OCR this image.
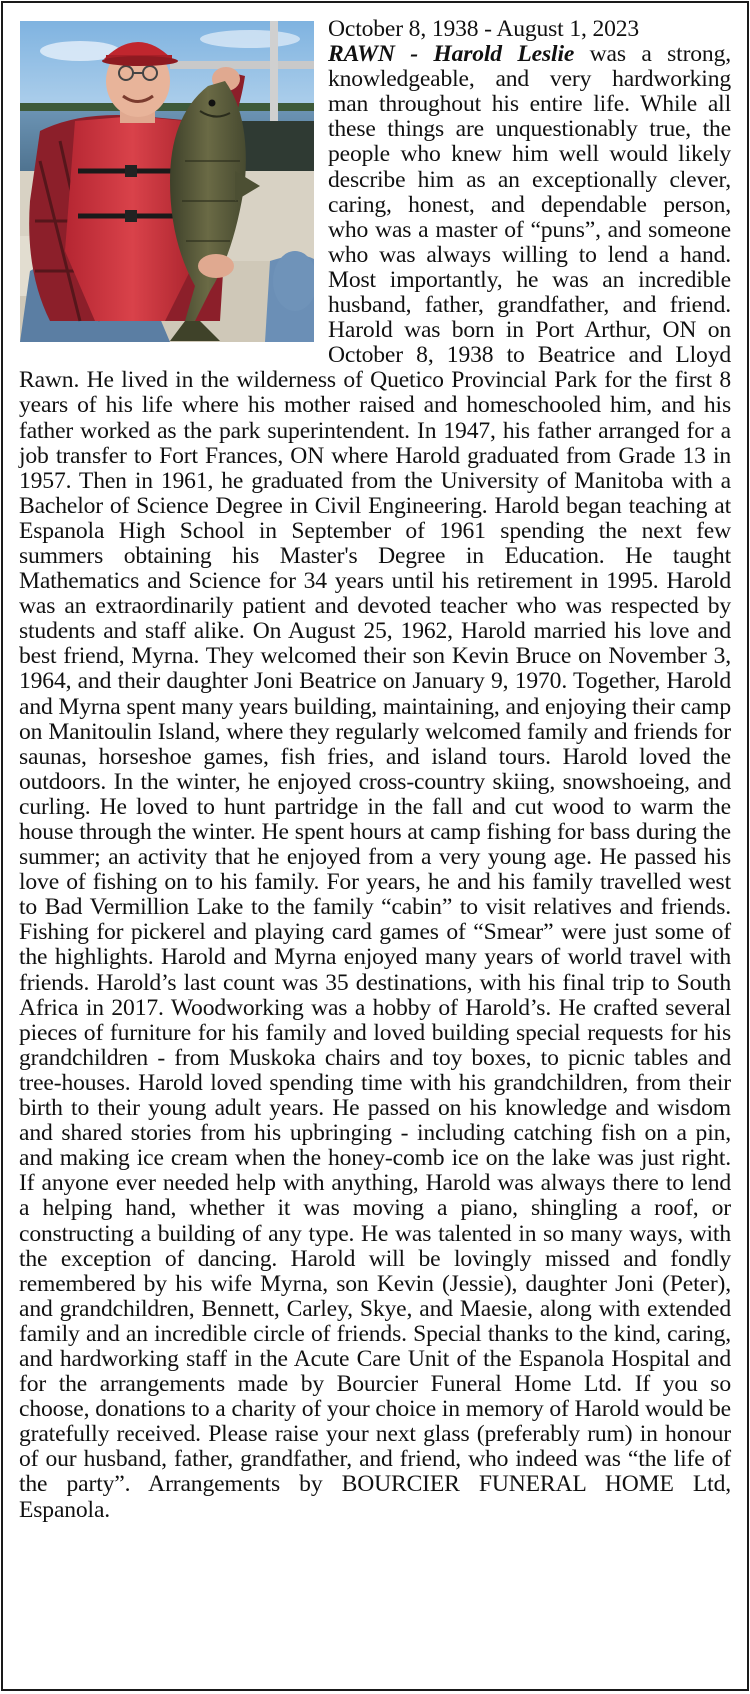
October 8, 1938 - August 1, 2023
RAWN - Harold Leslie was a strong, knowledgeable, and very hardworking man throughout his entire life. While all these things are unquestionably true, the people who knew him well would likely describe him as an exceptionally clever, caring, honest, and dependable person, who was a master of “puns”, and someone who was always willing to lend a hand. Most importantly, he was an incredible husband, father, grandfather, and friend. Harold was born in Port Arthur, ON on October 8, 1938 to Beatrice and Lloyd Rawn. He lived in the wilderness of Quetico Provincial Park for the first 8 years of his life where his mother raised and homeschooled him, and his father worked as the park superintendent. In 1947, his father arranged for a job transfer to Fort Frances, ON where Harold graduated from Grade 13 in 1957. Then in 1961, he graduated from the University of Manitoba with a Bachelor of Science Degree in Civil Engineering. Harold began teaching at Espanola High School in September of 1961 spending the next few summers obtaining his Master's Degree in Education. He taught Mathematics and Science for 34 years until his retirement in 1995. Harold was an extraordinarily patient and devoted teacher who was respected by students and staff alike. On August 25, 1962, Harold married his love and best friend, Myrna. They welcomed their son Kevin Bruce on November 3, 1964, and their daughter Joni Beatrice on January 9, 1970. Together, Harold and Myrna spent many years building, maintaining, and enjoying their camp on Manitoulin Island, where they regularly welcomed family and friends for saunas, horseshoe games, fish fries, and island tours. Harold loved the outdoors. In the winter, he enjoyed cross-country skiing, snowshoeing, and curling. He loved to hunt partridge in the fall and cut wood to warm the house through the winter. He spent hours at camp fishing for bass during the summer; an activity that he enjoyed from a very young age. He passed his love of fishing on to his family. For years, he and his family travelled west to Bad Vermillion Lake to the family “cabin” to visit relatives and friends. Fishing for pickerel and playing card games of “Smear” were just some of the highlights. Harold and Myrna enjoyed many years of world travel with friends. Harold’s last count was 35 destinations, with his final trip to South Africa in 2017. Woodworking was a hobby of Harold’s. He crafted several pieces of furniture for his family and loved building special requests for his grandchildren - from Muskoka chairs and toy boxes, to picnic tables and tree-houses. Harold loved spending time with his grandchildren, from their birth to their young adult years. He passed on his knowledge and wisdom and shared stories from his upbringing - including catching fish on a pin, and making ice cream when the honey-comb ice on the lake was just right. If anyone ever needed help with anything, Harold was always there to lend a helping hand, whether it was moving a piano, shingling a roof, or constructing a building of any type. He was talented in so many ways, with the exception of dancing. Harold will be lovingly missed and fondly remembered by his wife Myrna, son Kevin (Jessie), daughter Joni (Peter), and grandchildren, Bennett, Carley, Skye, and Maesie, along with extended family and an incredible circle of friends. Special thanks to the kind, caring, and hardworking staff in the Acute Care Unit of the Espanola Hospital and for the arrangements made by Bourcier Funeral Home Ltd. If you so choose, donations to a charity of your choice in memory of Harold would be gratefully received. Please raise your next glass (preferably rum) in honour of our husband, father, grandfather, and friend, who indeed was “the life of the party”. Arrangements by BOURCIER FUNERAL HOME Ltd, Espanola.
